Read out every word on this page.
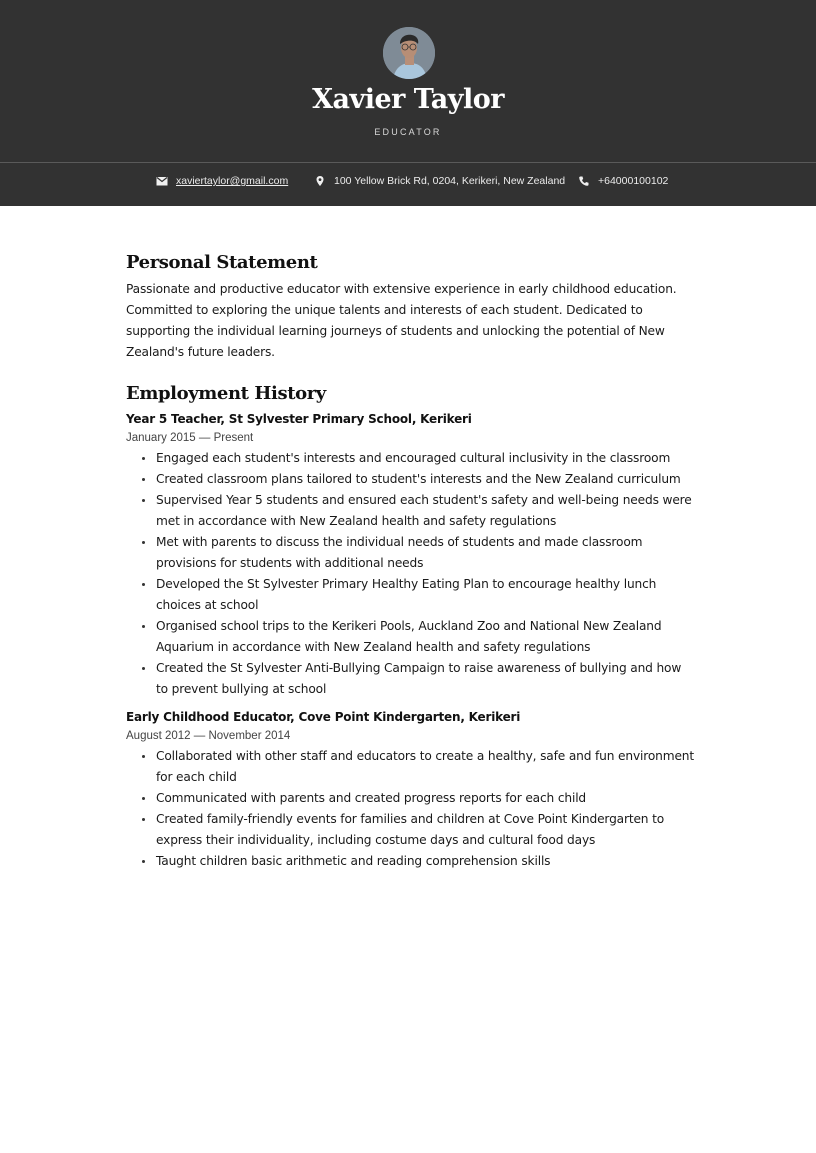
Xavier Taylor
EDUCATOR
xaviertaylor@gmail.com	100 Yellow Brick Rd, 0204, Kerikeri, New Zealand	+64000100102
Personal Statement
Passionate and productive educator with extensive experience in early childhood education. Committed to exploring the unique talents and interests of each student. Dedicated to supporting the individual learning journeys of students and unlocking the potential of New Zealand's future leaders.
Employment History
Year 5 Teacher, St Sylvester Primary School, Kerikeri
January 2015 — Present
Engaged each student's interests and encouraged cultural inclusivity in the classroom
Created classroom plans tailored to student's interests and the New Zealand curriculum
Supervised Year 5 students and ensured each student's safety and well-being needs were met in accordance with New Zealand health and safety regulations
Met with parents to discuss the individual needs of students and made classroom provisions for students with additional needs
Developed the St Sylvester Primary Healthy Eating Plan to encourage healthy lunch choices at school
Organised school trips to the Kerikeri Pools, Auckland Zoo and National New Zealand Aquarium in accordance with New Zealand health and safety regulations
Created the St Sylvester Anti-Bullying Campaign to raise awareness of bullying and how to prevent bullying at school
Early Childhood Educator, Cove Point Kindergarten, Kerikeri
August 2012 — November 2014
Collaborated with other staff and educators to create a healthy, safe and fun environment for each child
Communicated with parents and created progress reports for each child
Created family-friendly events for families and children at Cove Point Kindergarten to express their individuality, including costume days and cultural food days
Taught children basic arithmetic and reading comprehension skills
